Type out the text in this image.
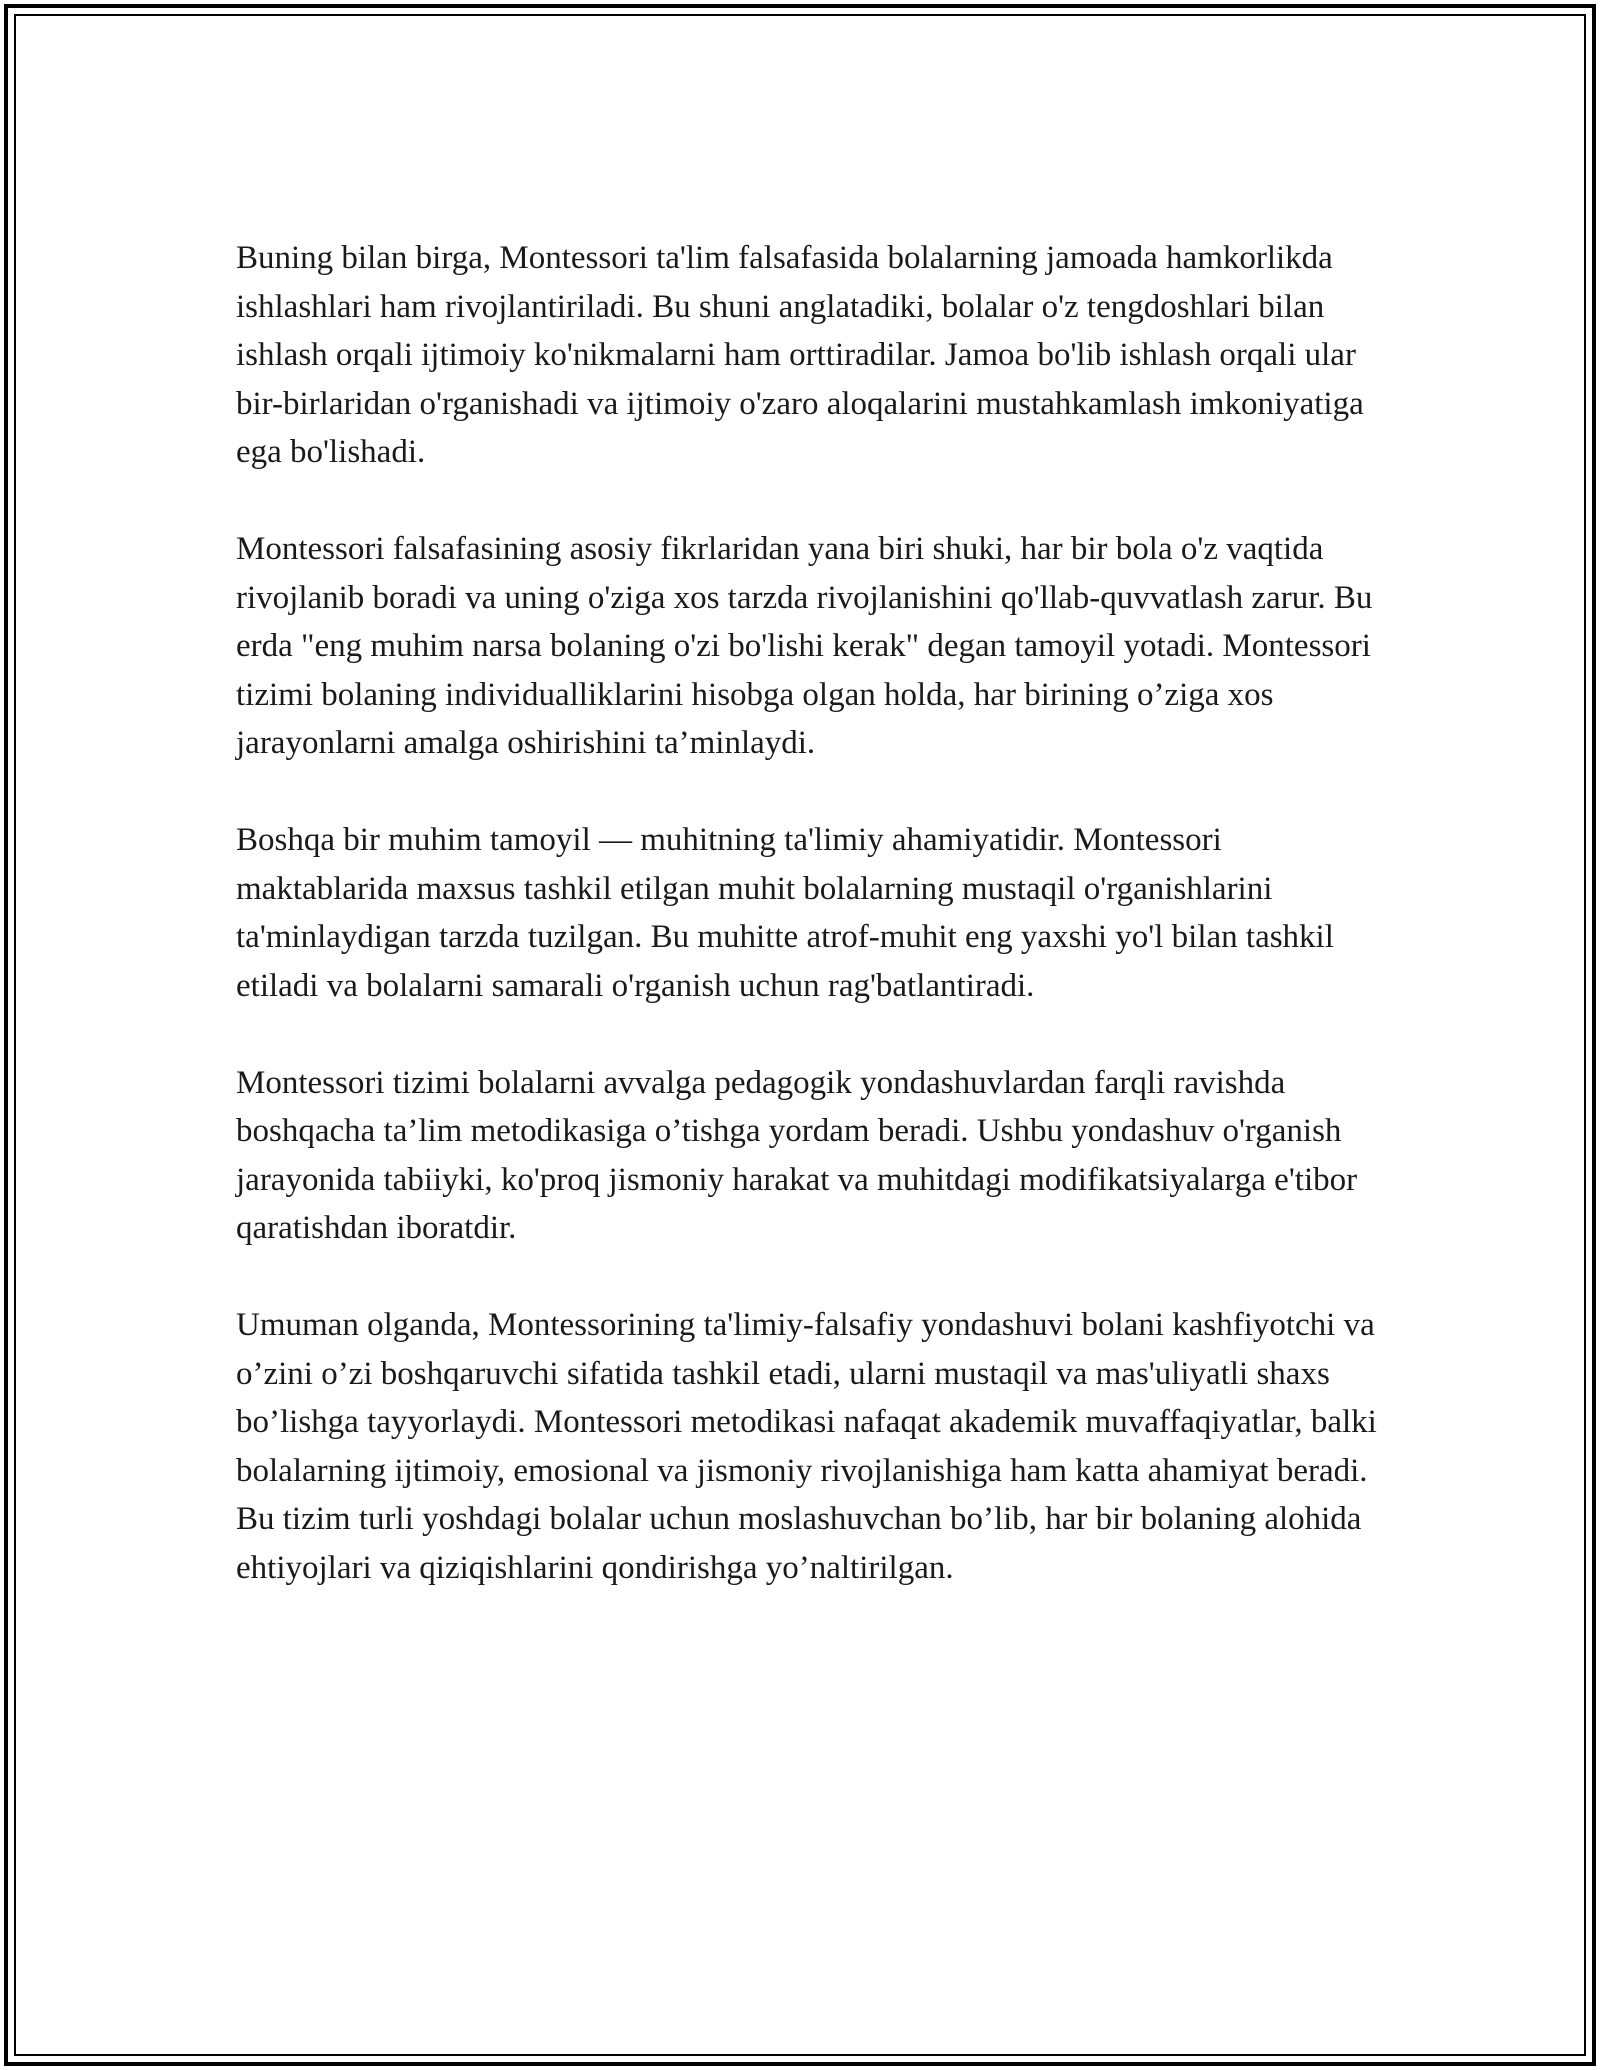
Buning bilan birga, Montessori ta'lim falsafasida bolalarning jamoada hamkorlikda ishlashlari ham rivojlantiriladi. Bu shuni anglatadiki, bolalar o'z tengdoshlari bilan ishlash orqali ijtimoiy ko'nikmalarni ham orttiradilar. Jamoa bo'lib ishlash orqali ular bir-birlaridan o'rganishadi va ijtimoiy o'zaro aloqalarini mustahkamlash imkoniyatiga ega bo'lishadi.

Montessori falsafasining asosiy fikrlaridan yana biri shuki, har bir bola o'z vaqtida rivojlanib boradi va uning o'ziga xos tarzda rivojlanishini qo'llab-quvvatlash zarur. Bu erda "eng muhim narsa bolaning o'zi bo'lishi kerak" degan tamoyil yotadi. Montessori tizimi bolaning individualliklarini hisobga olgan holda, har birining o’ziga xos jarayonlarni amalga oshirishini ta’minlaydi.

Boshqa bir muhim tamoyil — muhitning ta'limiy ahamiyatidir. Montessori maktablarida maxsus tashkil etilgan muhit bolalarning mustaqil o'rganishlarini ta'minlaydigan tarzda tuzilgan. Bu muhitte atrof-muhit eng yaxshi yo'l bilan tashkil etiladi va bolalarni samarali o'rganish uchun rag'batlantiradi.

Montessori tizimi bolalarni avvalga pedagogik yondashuvlardan farqli ravishda boshqacha ta’lim metodikasiga o’tishga yordam beradi. Ushbu yondashuv o'rganish jarayonida tabiiyki, ko'proq jismoniy harakat va muhitdagi modifikatsiyalarga e'tibor qaratishdan iboratdir.

Umuman olganda, Montessorining ta'limiy-falsafiy yondashuvi bolani kashfiyotchi va o’zini o’zi boshqaruvchi sifatida tashkil etadi, ularni mustaqil va mas'uliyatli shaxs bo’lishga tayyorlaydi. Montessori metodikasi nafaqat akademik muvaffaqiyatlar, balki bolalarning ijtimoiy, emosional va jismoniy rivojlanishiga ham katta ahamiyat beradi. Bu tizim turli yoshdagi bolalar uchun moslashuvchan bo’lib, har bir bolaning alohida ehtiyojlari va qiziqishlarini qondirishga yo’naltirilgan.
